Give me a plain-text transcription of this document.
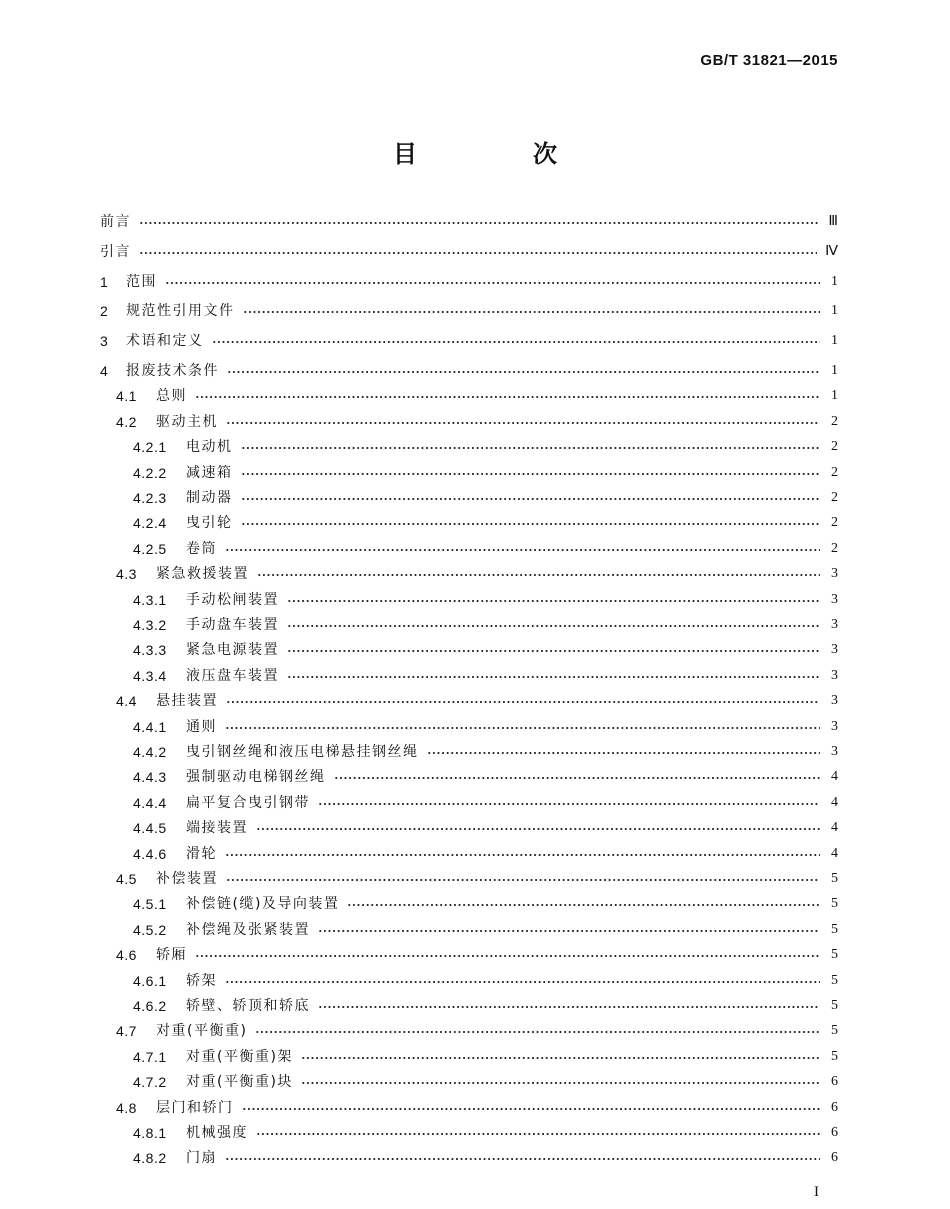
GB/T 31821—2015
目　次
前言	Ⅲ
引言	Ⅳ
1	范围	1
2	规范性引用文件	1
3	术语和定义	1
4	报废技术条件	1
4.1	总则	1
4.2	驱动主机	2
4.2.1	电动机	2
4.2.2	减速箱	2
4.2.3	制动器	2
4.2.4	曳引轮	2
4.2.5	卷筒	2
4.3	紧急救援装置	3
4.3.1	手动松闸装置	3
4.3.2	手动盘车装置	3
4.3.3	紧急电源装置	3
4.3.4	液压盘车装置	3
4.4	悬挂装置	3
4.4.1	通则	3
4.4.2	曳引钢丝绳和液压电梯悬挂钢丝绳	3
4.4.3	强制驱动电梯钢丝绳	4
4.4.4	扁平复合曳引钢带	4
4.4.5	端接装置	4
4.4.6	滑轮	4
4.5	补偿装置	5
4.5.1	补偿链(缆)及导向装置	5
4.5.2	补偿绳及张紧装置	5
4.6	轿厢	5
4.6.1	轿架	5
4.6.2	轿壁、轿顶和轿底	5
4.7	对重(平衡重)	5
4.7.1	对重(平衡重)架	5
4.7.2	对重(平衡重)块	6
4.8	层门和轿门	6
4.8.1	机械强度	6
4.8.2	门扇	6
I
